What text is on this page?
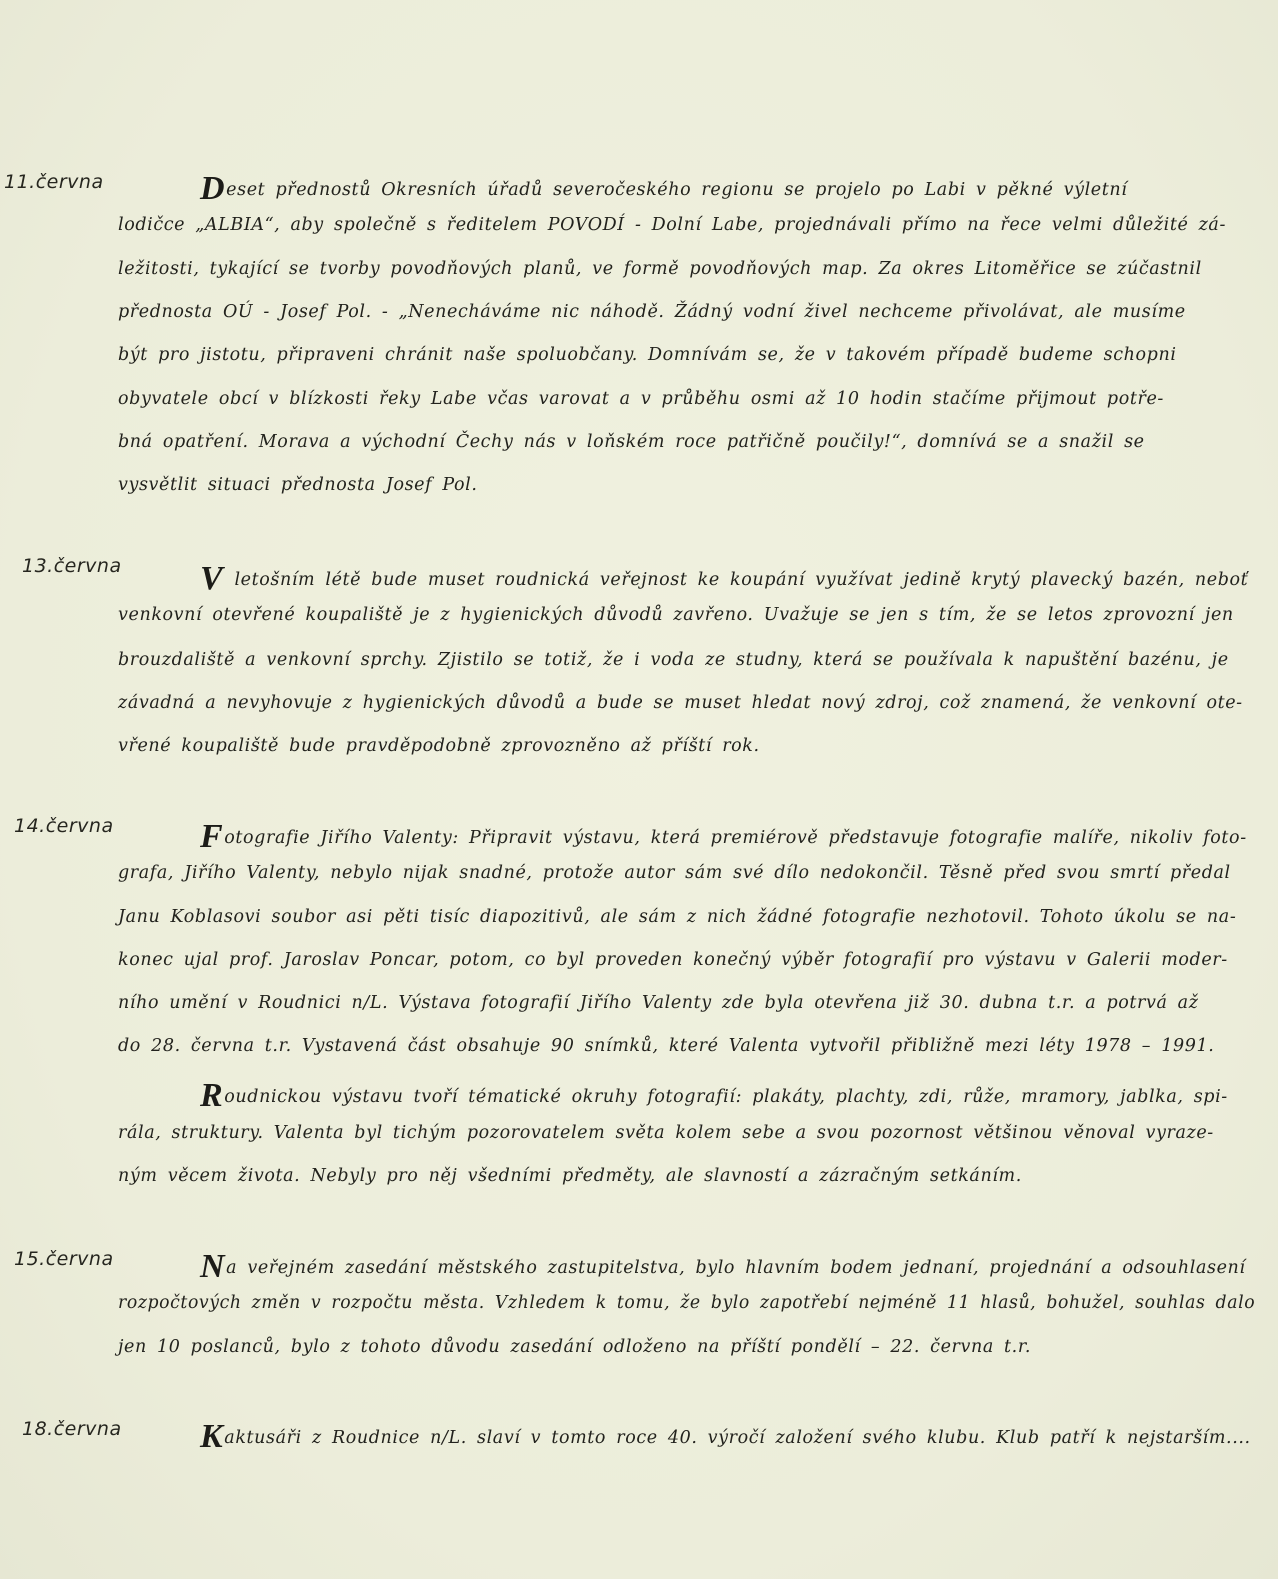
11.června	Deset přednostů Okresních úřadů severočeského regionu se projelo po Labi v pěkné výletní
lodičce „ALBIA“, aby společně s ředitelem POVODÍ - Dolní Labe, projednávali přímo na řece velmi důležité zá-
ležitosti, tykající se tvorby povodňových planů, ve formě povodňových map. Za okres Litoměřice se zúčastnil
přednosta OÚ - Josef Pol. - „Nenecháváme nic náhodě. Žádný vodní živel nechceme přivolávat, ale musíme
být pro jistotu, připraveni chránit naše spoluobčany. Domnívám se, že v takovém případě budeme schopni
obyvatele obcí v blízkosti řeky Labe včas varovat a v průběhu osmi až 10 hodin stačíme přijmout potře-
bná opatření. Morava a východní Čechy nás v loňském roce patřičně poučily!“, domnívá se a snažil se
vysvětlit situaci přednosta Josef Pol.
13.června V letošním létě bude muset roudnická veřejnost ke koupání využívat jedině krytý plavecký bazén, neboť
venkovní otevřené koupaliště je z hygienických důvodů zavřeno. Uvažuje se jen s tím, že se letos zprovozní jen
brouzdaliště a venkovní sprchy. Zjistilo se totiž, že i voda ze studny, která se používala k napuštění bazénu, je
závadná a nevyhovuje z hygienických důvodů a bude se muset hledat nový zdroj, což znamená, že venkovní ote-
vřené koupaliště bude pravděpodobně zprovozněno až příští rok.
14.června	Fotografie Jiřího Valenty: Připravit výstavu, která premiérově představuje fotografie malíře, nikoliv foto-
grafa, Jiřího Valenty, nebylo nijak snadné, protože autor sám své dílo nedokončil. Těsně před svou smrtí předal
Janu Koblasovi soubor asi pěti tisíc diapozitivů, ale sám z nich žádné fotografie nezhotovil. Tohoto úkolu se na-
konec ujal prof. Jaroslav Poncar, potom, co byl proveden konečný výběr fotografií pro výstavu v Galerii moder-
ního umění v Roudnici n/L. Výstava fotografií Jiřího Valenty zde byla otevřena již 30. dubna t.r. a potrvá až
do 28. června t.r. Vystavená část obsahuje 90 snímků, které Valenta vytvořil přibližně mezi léty 1978 – 1991.
Roudnickou výstavu tvoří tématické okruhy fotografií: plakáty, plachty, zdi, růže, mramory, jablka, spi-
rála, struktury. Valenta byl tichým pozorovatelem světa kolem sebe a svou pozornost většinou věnoval vyraze-
ným věcem života. Nebyly pro něj všedními předměty, ale slavností a zázračným setkáním.
15.června	Na veřejném zasedání městského zastupitelstva, bylo hlavním bodem jednaní, projednání a odsouhlasení
rozpočtových změn v rozpočtu města. Vzhledem k tomu, že bylo zapotřebí nejméně 11 hlasů, bohužel, souhlas dalo
jen 10 poslanců, bylo z tohoto důvodu zasedání odloženo na příští pondělí – 22. června t.r.
18.června Kaktusáři z Roudnice n/L. slaví v tomto roce 40. výročí založení svého klubu. Klub patří k nejstarším....
